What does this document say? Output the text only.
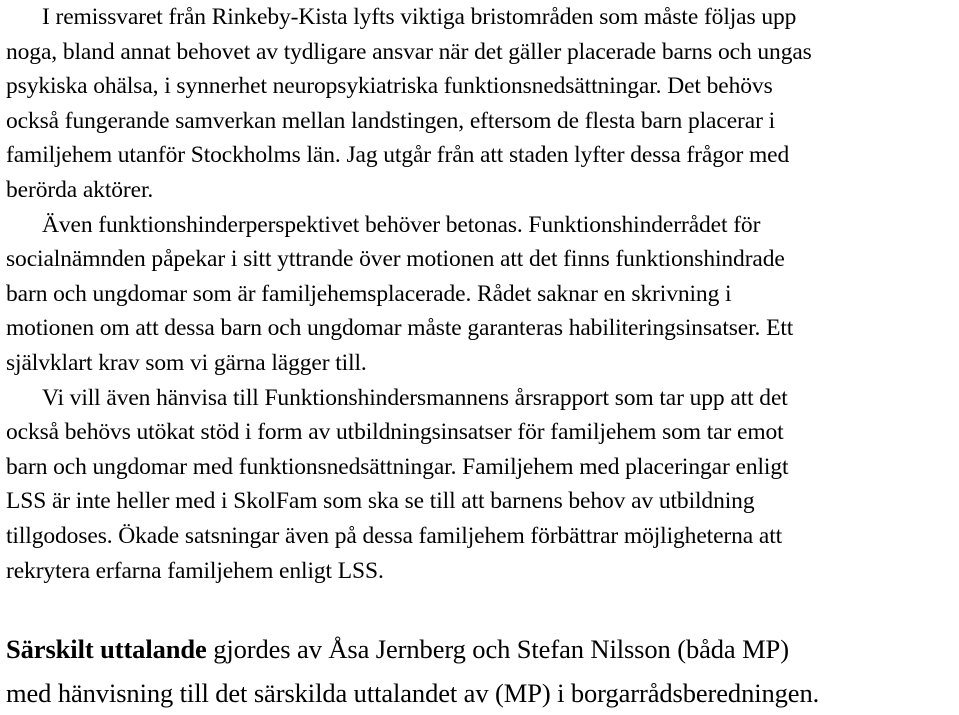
I remissvaret från Rinkeby-Kista lyfts viktiga bristområden som måste följas upp
noga, bland annat behovet av tydligare ansvar när det gäller placerade barns och ungas
psykiska ohälsa, i synnerhet neuropsykiatriska funktionsnedsättningar. Det behövs
också fungerande samverkan mellan landstingen, eftersom de flesta barn placerar i
familjehem utanför Stockholms län. Jag utgår från att staden lyfter dessa frågor med
berörda aktörer.
Även funktionshinderperspektivet behöver betonas. Funktionshinderrådet för
socialnämnden påpekar i sitt yttrande över motionen att det finns funktionshindrade
barn och ungdomar som är familjehemsplacerade. Rådet saknar en skrivning i
motionen om att dessa barn och ungdomar måste garanteras habiliteringsinsatser. Ett
självklart krav som vi gärna lägger till.
Vi vill även hänvisa till Funktionshindersmannens årsrapport som tar upp att det
också behövs utökat stöd i form av utbildningsinsatser för familjehem som tar emot
barn och ungdomar med funktionsnedsättningar. Familjehem med placeringar enligt
LSS är inte heller med i SkolFam som ska se till att barnens behov av utbildning
tillgodoses. Ökade satsningar även på dessa familjehem förbättrar möjligheterna att
rekrytera erfarna familjehem enligt LSS.
Särskilt uttalande gjordes av Åsa Jernberg och Stefan Nilsson (båda MP)
med hänvisning till det särskilda uttalandet av (MP) i borgarrådsberedningen.
